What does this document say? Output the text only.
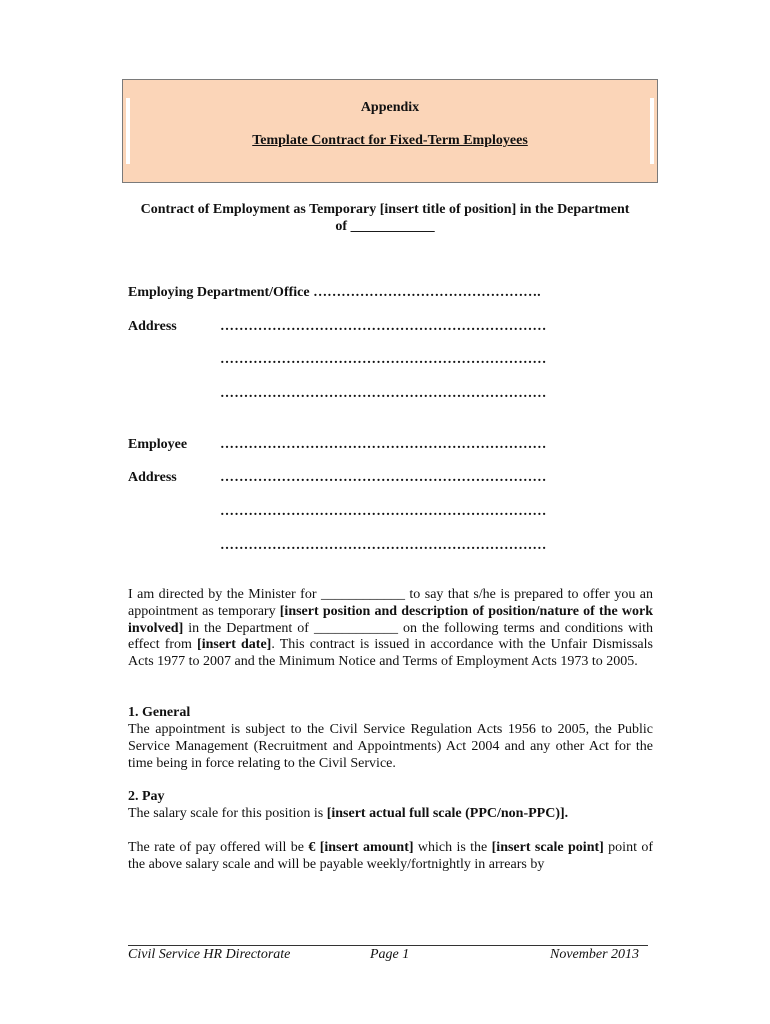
Appendix
Template Contract for Fixed-Term Employees
Contract of Employment as Temporary [insert title of position] in the Department of ____________
Employing Department/Office ………………………………………….
Address	……………………………………………………………
……………………………………………………………
……………………………………………………………
Employee ……………………………………………………………
Address	……………………………………………………………
……………………………………………………………
……………………………………………………………
I am directed by the Minister for ____________ to say that s/he is prepared to offer you an appointment as temporary [insert position and description of position/nature of the work involved] in the Department of ____________ on the following terms and conditions with effect from [insert date]. This contract is issued in accordance with the Unfair Dismissals Acts 1977 to 2007 and the Minimum Notice and Terms of Employment Acts 1973 to 2005.
1. General
The appointment is subject to the Civil Service Regulation Acts 1956 to 2005, the Public Service Management (Recruitment and Appointments) Act 2004 and any other Act for the time being in force relating to the Civil Service.
2. Pay
The salary scale for this position is [insert actual full scale (PPC/non-PPC)].
The rate of pay offered will be € [insert amount] which is the [insert scale point] point of the above salary scale and will be payable weekly/fortnightly in arrears by
Civil Service HR Directorate	Page 1	November 2013
